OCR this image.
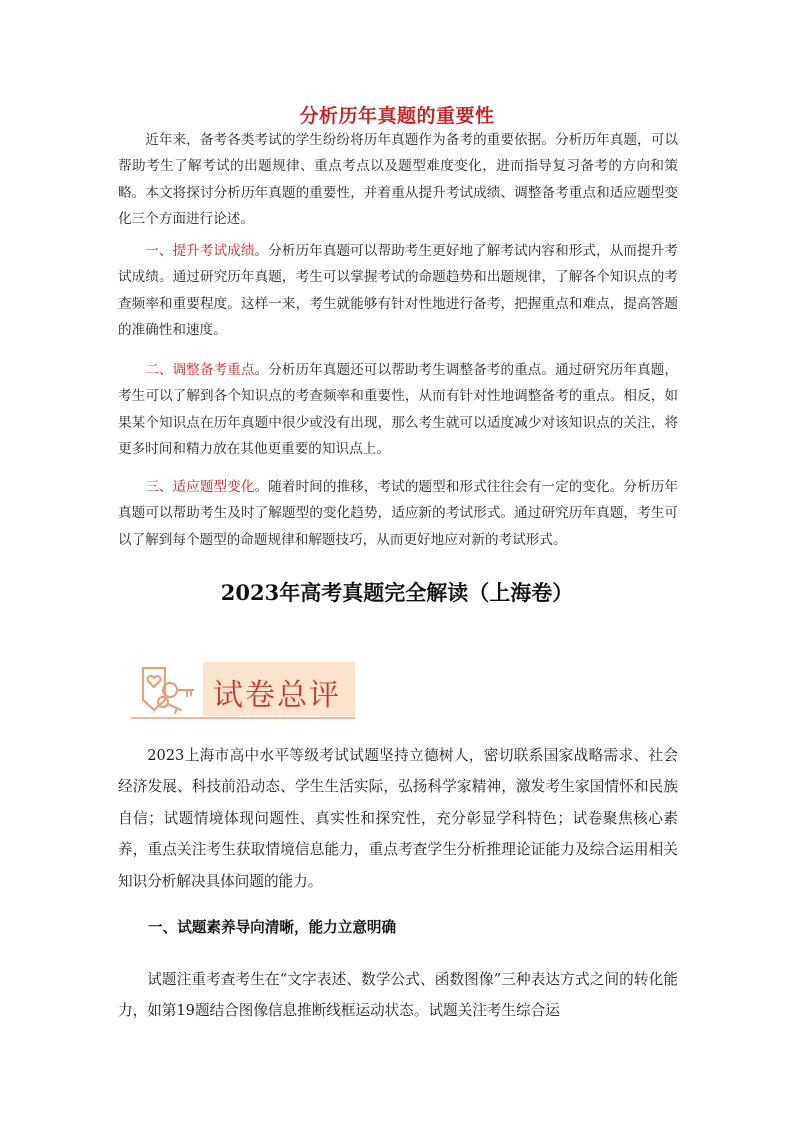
分析历年真题的重要性

近年来，备考各类考试的学生纷纷将历年真题作为备考的重要依据。分析历年真题，可以帮助考生了解考试的出题规律、重点考点以及题型难度变化，进而指导复习备考的方向和策略。本文将探讨分析历年真题的重要性，并着重从提升考试成绩、调整备考重点和适应题型变化三个方面进行论述。

一、提升考试成绩。分析历年真题可以帮助考生更好地了解考试内容和形式，从而提升考试成绩。通过研究历年真题，考生可以掌握考试的命题趋势和出题规律，了解各个知识点的考查频率和重要程度。这样一来，考生就能够有针对性地进行备考，把握重点和难点，提高答题的准确性和速度。

二、调整备考重点。分析历年真题还可以帮助考生调整备考的重点。通过研究历年真题，考生可以了解到各个知识点的考查频率和重要性，从而有针对性地调整备考的重点。相反，如果某个知识点在历年真题中很少或没有出现，那么考生就可以适度减少对该知识点的关注，将更多时间和精力放在其他更重要的知识点上。

三、适应题型变化。随着时间的推移，考试的题型和形式往往会有一定的变化。分析历年真题可以帮助考生及时了解题型的变化趋势，适应新的考试形式。通过研究历年真题，考生可以了解到每个题型的命题规律和解题技巧，从而更好地应对新的考试形式。

2023年高考真题完全解读（上海卷）
试卷总评

2023上海市高中水平等级考试试题坚持立德树人，密切联系国家战略需求、社会经济发展、科技前沿动态、学生生活实际，弘扬科学家精神，激发考生家国情怀和民族自信；试题情境体现问题性、真实性和探究性，充分彰显学科特色；试卷聚焦核心素养，重点关注考生获取情境信息能力，重点考查学生分析推理论证能力及综合运用相关知识分析解决具体问题的能力。

一、试题素养导向清晰，能力立意明确

试题注重考查考生在“文字表述、数学公式、函数图像”三种表达方式之间的转化能力，如第19题结合图像信息推断线框运动状态。试题关注考生综合运
